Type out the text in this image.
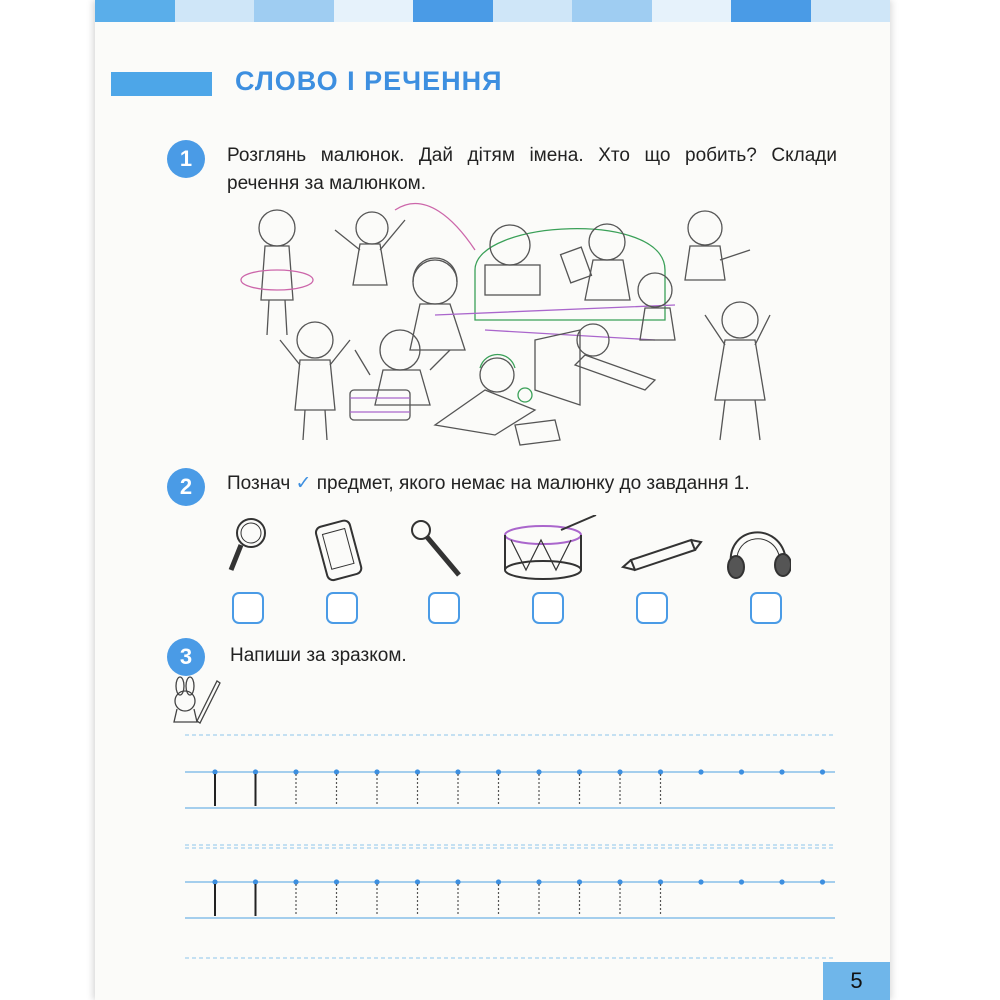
СЛОВО І РЕЧЕННЯ
1	Розглянь малюнок. Дай дітям імена. Хто що робить? Склади речення за малюнком.
2	Познач ✓ предмет, якого немає на малюнку до завдання 1.
3	Напиши за зразком.
5
